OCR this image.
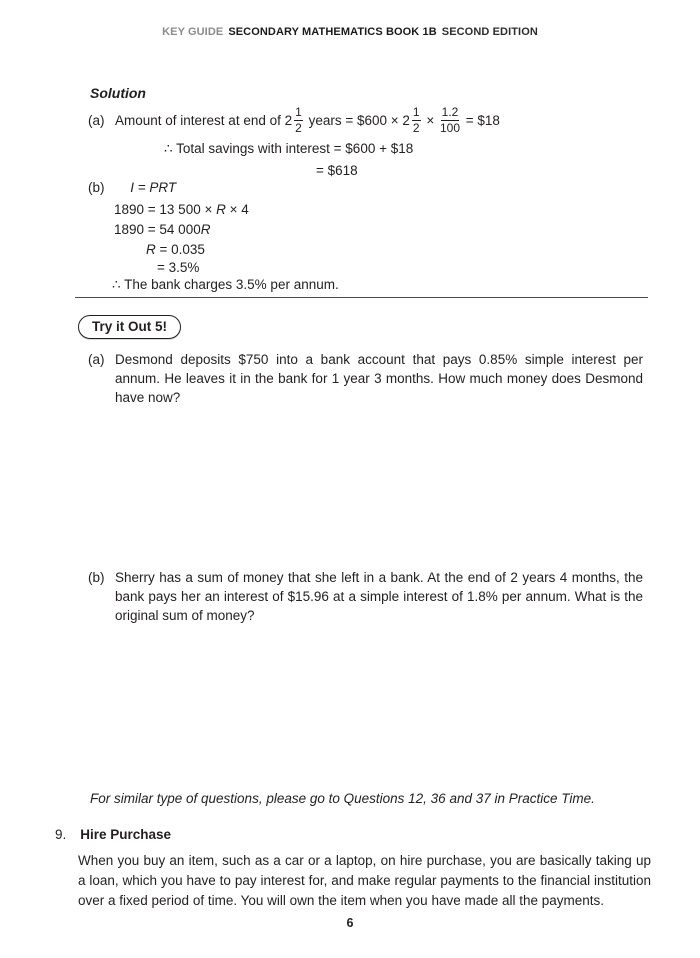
KEY GUIDE SECONDARY MATHEMATICS BOOK 1B SECOND EDITION
Solution
(a) Amount of interest at end of $2 \frac{1}{2}$ years = $600 × $2 \frac{1}{2} \times \frac{1.2}{100}$ = $18
∴ Total savings with interest = $600 + $18
= $618
(b) I = PRT
1890 = 13 500 × R × 4
1890 = 54 000R
R = 0.035
= 3.5%
∴ The bank charges 3.5% per annum.
Try it Out 5!
(a) Desmond deposits $750 into a bank account that pays 0.85% simple interest per annum. He leaves it in the bank for 1 year 3 months. How much money does Desmond have now?
(b) Sherry has a sum of money that she left in a bank. At the end of 2 years 4 months, the bank pays her an interest of $15.96 at a simple interest of 1.8% per annum. What is the original sum of money?
For similar type of questions, please go to Questions 12, 36 and 37 in Practice Time.
9. Hire Purchase
When you buy an item, such as a car or a laptop, on hire purchase, you are basically taking up a loan, which you have to pay interest for, and make regular payments to the financial institution over a fixed period of time. You will own the item when you have made all the payments.
6
